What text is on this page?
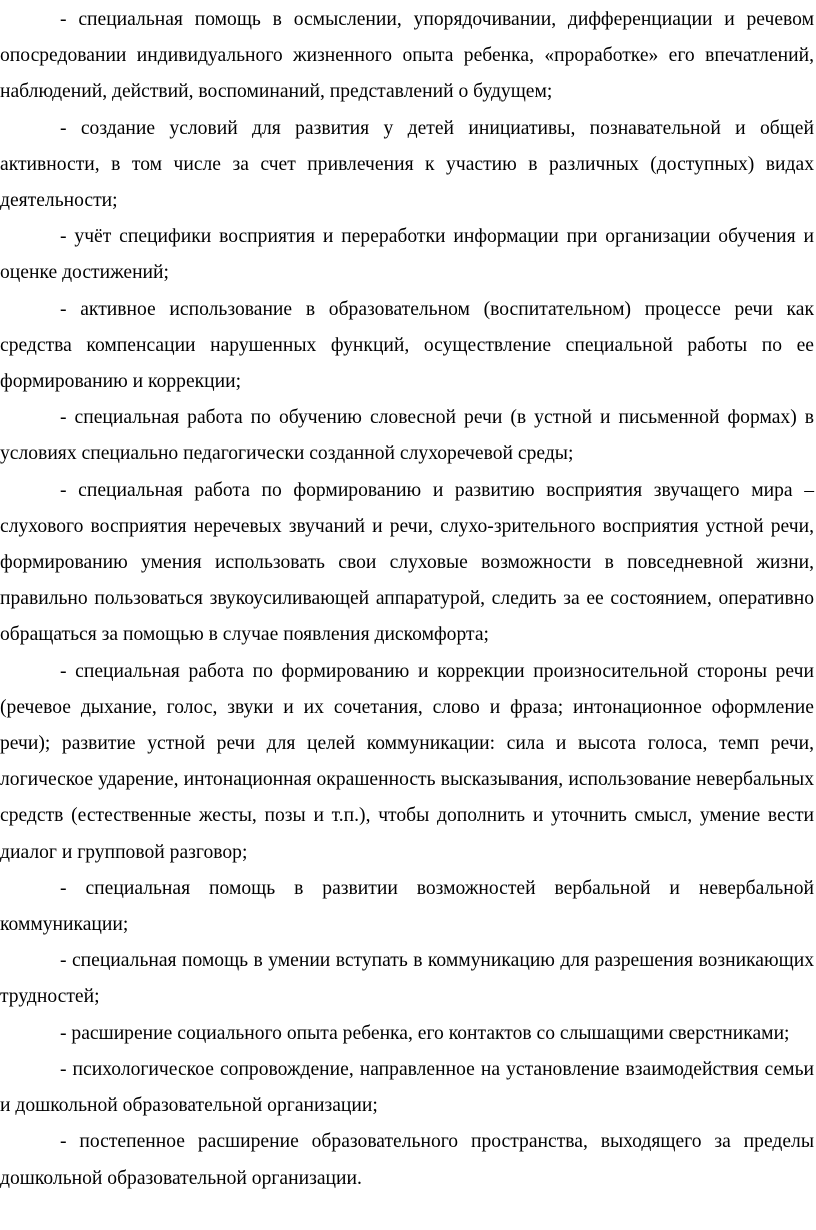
- специальная помощь в осмыслении, упорядочивании, дифференциации и речевом опосредовании индивидуального жизненного опыта ребенка, «проработке» его впечатлений, наблюдений, действий, воспоминаний, представлений о будущем;

- создание условий для развития у детей инициативы, познавательной и общей активности, в том числе за счет привлечения к участию в различных (доступных) видах деятельности;

- учёт специфики восприятия и переработки информации при организации обучения и оценке достижений;

- активное использование в образовательном (воспитательном) процессе речи как средства компенсации нарушенных функций, осуществление специальной работы по ее формированию и коррекции;

- специальная работа по обучению словесной речи (в устной и письменной формах) в условиях специально педагогически созданной слухоречевой среды;

- специальная работа по формированию и развитию восприятия звучащего мира – слухового восприятия неречевых звучаний и речи, слухо-зрительного восприятия устной речи, формированию умения использовать свои слуховые возможности в повседневной жизни, правильно пользоваться звукоусиливающей аппаратурой, следить за ее состоянием, оперативно обращаться за помощью в случае появления дискомфорта;

- специальная работа по формированию и коррекции произносительной стороны речи (речевое дыхание, голос, звуки и их сочетания, слово и фраза; интонационное оформление речи); развитие устной речи для целей коммуникации: сила и высота голоса, темп речи, логическое ударение, интонационная окрашенность высказывания, использование невербальных средств (естественные жесты, позы и т.п.), чтобы дополнить и уточнить смысл, умение вести диалог и групповой разговор;

- специальная помощь в развитии возможностей вербальной и невербальной коммуникации;

- специальная помощь в умении вступать в коммуникацию для разрешения возникающих трудностей;

- расширение социального опыта ребенка, его контактов со слышащими сверстниками;

- психологическое сопровождение, направленное на установление взаимодействия семьи и дошкольной образовательной организации;

- постепенное расширение образовательного пространства, выходящего за пределы дошкольной образовательной организации.
